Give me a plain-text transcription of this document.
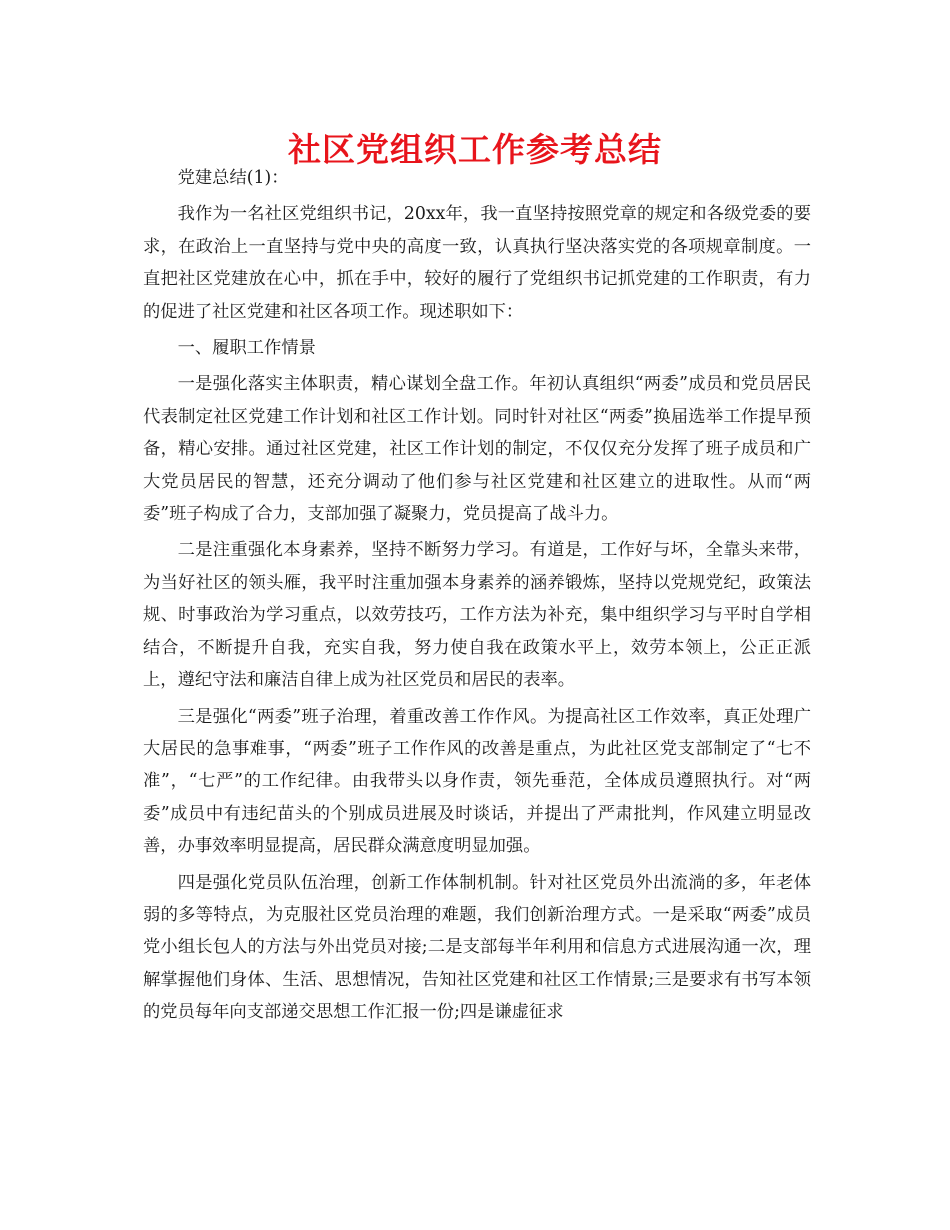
社区党组织工作参考总结

党建总结(1)：

我作为一名社区党组织书记，20xx年，我一直坚持按照党章的规定和各级党委的要求，在政治上一直坚持与党中央的高度一致，认真执行坚决落实党的各项规章制度。一直把社区党建放在心中，抓在手中，较好的履行了党组织书记抓党建的工作职责，有力的促进了社区党建和社区各项工作。现述职如下：

一、履职工作情景

一是强化落实主体职责，精心谋划全盘工作。年初认真组织“两委”成员和党员居民代表制定社区党建工作计划和社区工作计划。同时针对社区“两委”换届选举工作提早预备，精心安排。通过社区党建，社区工作计划的制定，不仅仅充分发挥了班子成员和广大党员居民的智慧，还充分调动了他们参与社区党建和社区建立的进取性。从而“两委”班子构成了合力，支部加强了凝聚力，党员提高了战斗力。

二是注重强化本身素养，坚持不断努力学习。有道是，工作好与坏，全靠头来带，为当好社区的领头雁，我平时注重加强本身素养的涵养锻炼，坚持以党规党纪，政策法规、时事政治为学习重点，以效劳技巧，工作方法为补充，集中组织学习与平时自学相结合，不断提升自我，充实自我，努力使自我在政策水平上，效劳本领上，公正正派上，遵纪守法和廉洁自律上成为社区党员和居民的表率。

三是强化“两委”班子治理，着重改善工作作风。为提高社区工作效率，真正处理广大居民的急事难事，“两委”班子工作作风的改善是重点，为此社区党支部制定了“七不准”，“七严”的工作纪律。由我带头以身作责，领先垂范，全体成员遵照执行。对“两委”成员中有违纪苗头的个别成员进展及时谈话，并提出了严肃批判，作风建立明显改善，办事效率明显提高，居民群众满意度明显加强。

四是强化党员队伍治理，创新工作体制机制。针对社区党员外出流淌的多，年老体弱的多等特点，为克服社区党员治理的难题，我们创新治理方式。一是采取“两委”成员党小组长包人的方法与外出党员对接;二是支部每半年利用和信息方式进展沟通一次，理解掌握他们身体、生活、思想情况，告知社区党建和社区工作情景;三是要求有书写本领的党员每年向支部递交思想工作汇报一份;四是谦虚征求
